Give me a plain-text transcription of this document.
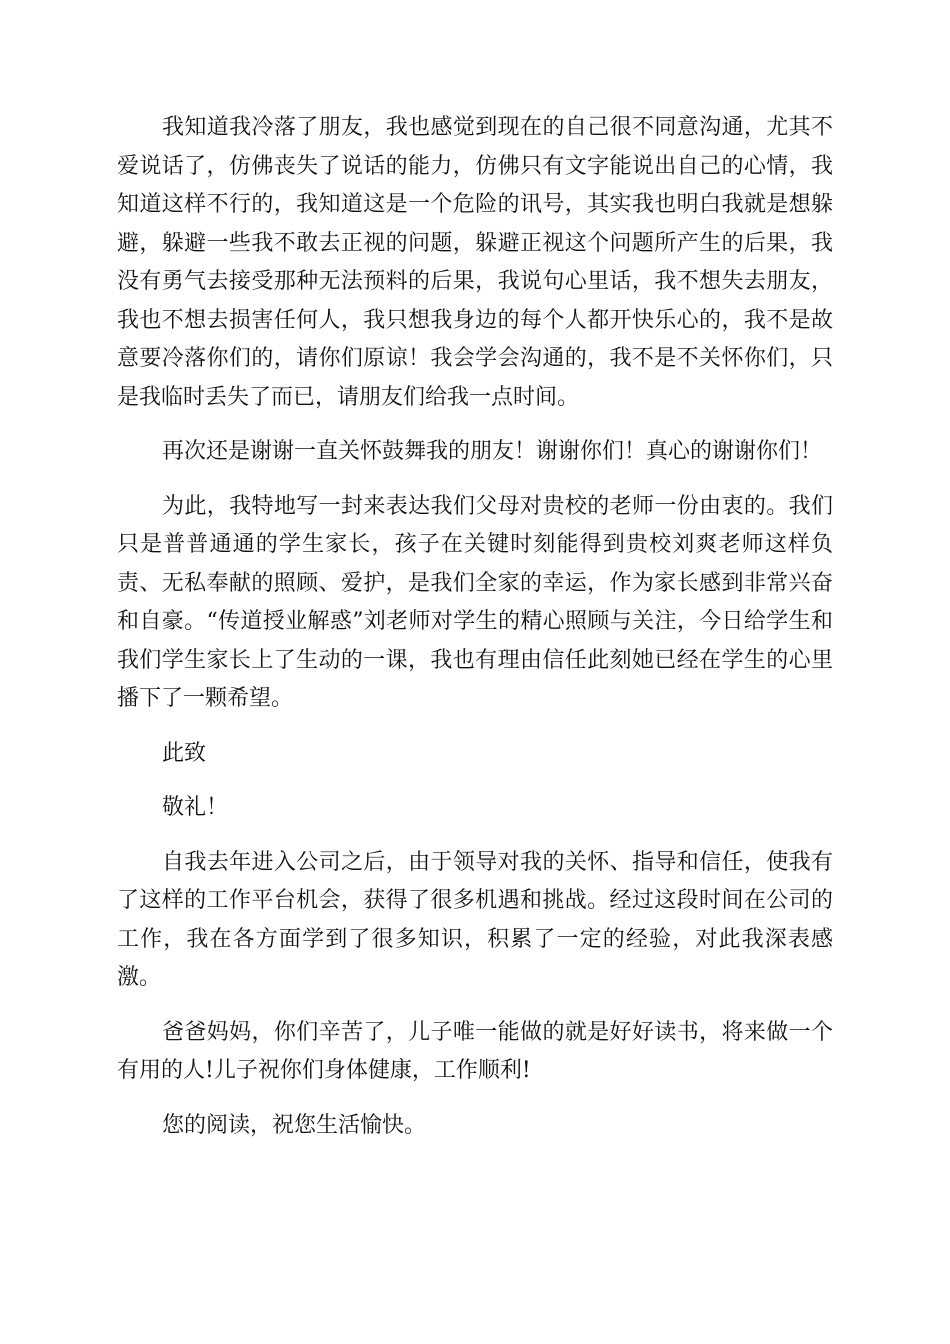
我知道我冷落了朋友，我也感觉到现在的自己很不同意沟通，尤其不爱说话了，仿佛丧失了说话的能力，仿佛只有文字能说出自己的心情，我知道这样不行的，我知道这是一个危险的讯号，其实我也明白我就是想躲避，躲避一些我不敢去正视的问题，躲避正视这个问题所产生的后果，我没有勇气去接受那种无法预料的后果，我说句心里话，我不想失去朋友，我也不想去损害任何人，我只想我身边的每个人都开快乐心的，我不是故意要冷落你们的，请你们原谅！我会学会沟通的，我不是不关怀你们，只是我临时丢失了而已，请朋友们给我一点时间。

再次还是谢谢一直关怀鼓舞我的朋友！谢谢你们！真心的谢谢你们！

为此，我特地写一封来表达我们父母对贵校的老师一份由衷的。我们只是普普通通的学生家长，孩子在关键时刻能得到贵校刘爽老师这样负责、无私奉献的照顾、爱护，是我们全家的幸运，作为家长感到非常兴奋和自豪。“传道授业解惑”刘老师对学生的精心照顾与关注，今日给学生和我们学生家长上了生动的一课，我也有理由信任此刻她已经在学生的心里播下了一颗希望。

此致

敬礼！

自我去年进入公司之后，由于领导对我的关怀、指导和信任，使我有了这样的工作平台机会，获得了很多机遇和挑战。经过这段时间在公司的工作，我在各方面学到了很多知识，积累了一定的经验，对此我深表感激。

爸爸妈妈，你们辛苦了，儿子唯一能做的就是好好读书，将来做一个有用的人!儿子祝你们身体健康，工作顺利!

您的阅读，祝您生活愉快。
